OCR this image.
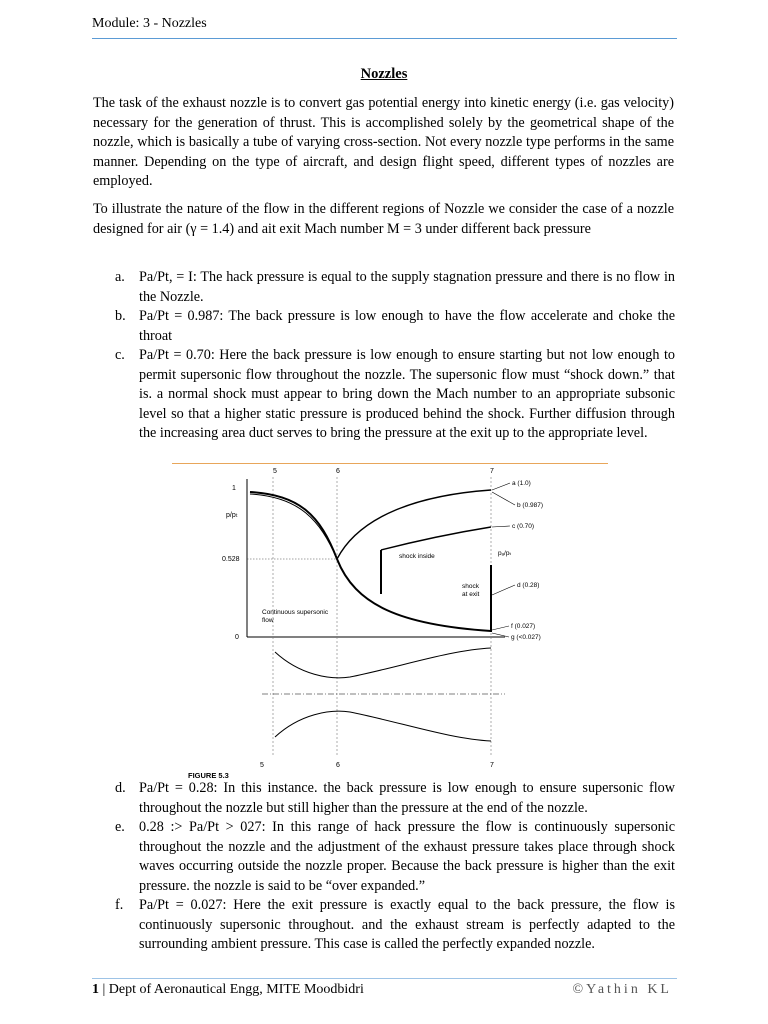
Module: 3 - Nozzles
Nozzles

The task of the exhaust nozzle is to convert gas potential energy into kinetic energy (i.e. gas velocity) necessary for the generation of thrust. This is accomplished solely by the geometrical shape of the nozzle, which is basically a tube of varying cross-section. Not every nozzle type performs in the same manner. Depending on the type of aircraft, and design flight speed, different types of nozzles are employed.

To illustrate the nature of the flow in the different regions of Nozzle we consider the case of a nozzle designed for air (γ = 1.4) and ait exit Mach number M = 3 under different back pressure

a. Pa/Pt, = I: The hack pressure is equal to the supply stagnation pressure and there is no flow in the Nozzle.
b. Pa/Pt = 0.987: The back pressure is low enough to have the flow accelerate and choke the throat
c. Pa/Pt = 0.70: Here the back pressure is low enough to ensure starting but not low enough to permit supersonic flow throughout the nozzle. The supersonic flow must “shock down.” that is. a normal shock must appear to bring down the Mach number to an appropriate subsonic level so that a higher static pressure is produced behind the shock. Further diffusion through the increasing area duct serves to bring the pressure at the exit up to the appropriate level.
5	6	7
1
p/pₜ
0.528
0
a (1.0)
b (0.987)
c (0.70)
d (0.28)
f (0.027)
g (<0.027)
shock inside	pₐ/pₜ
shock
at exit
Continuous supersonic
flow
5	6	7
FIGURE 5.3
d. Pa/Pt = 0.28: In this instance. the back pressure is low enough to ensure supersonic flow throughout the nozzle but still higher than the pressure at the end of the nozzle.
e. 0.28 :> Pa/Pt > 027: In this range of hack pressure the flow is continuously supersonic throughout the nozzle and the adjustment of the exhaust pressure takes place through shock waves occurring outside the nozzle proper. Because the back pressure is higher than the exit pressure. the nozzle is said to be “over expanded.”
f. Pa/Pt = 0.027: Here the exit pressure is exactly equal to the back pressure, the flow is continuously supersonic throughout. and the exhaust stream is perfectly adapted to the surrounding ambient pressure. This case is called the perfectly expanded nozzle.
1 | Dept of Aeronautical Engg, MITE Moodbidri	©Yathin KL
